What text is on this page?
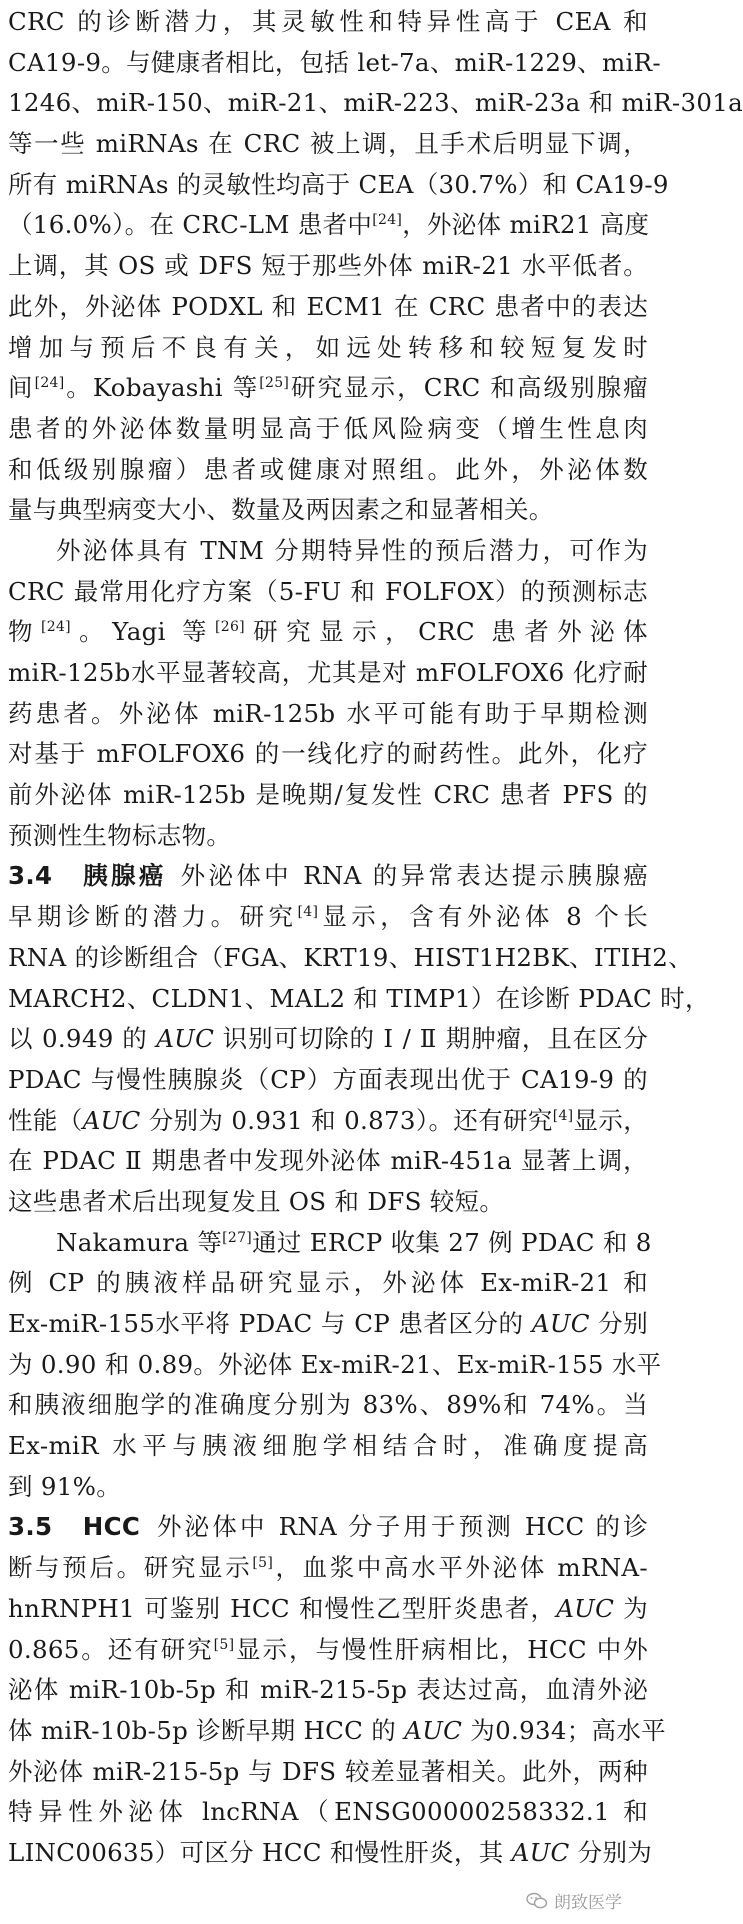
CRC 的诊断潜力，其灵敏性和特异性高于 CEA 和
CA19-9。与健康者相比，包括 let-7a、miR-1229、miR-
1246、miR-150、miR-21、miR-223、miR-23a 和 miR-301a
等一些 miRNAs 在 CRC 被上调，且手术后明显下调，
所有 miRNAs 的灵敏性均高于 CEA（30.7%）和 CA19-9
（16.0%）。在 CRC-LM 患者中[24]，外泌体 miR21 高度
上调，其 OS 或 DFS 短于那些外体 miR-21 水平低者。
此外，外泌体 PODXL 和 ECM1 在 CRC 患者中的表达
增加与预后不良有关，如远处转移和较短复发时
间[24]。Kobayashi 等[25]研究显示，CRC 和高级别腺瘤
患者的外泌体数量明显高于低风险病变（增生性息肉
和低级别腺瘤）患者或健康对照组。此外，外泌体数
量与典型病变大小、数量及两因素之和显著相关。
外泌体具有 TNM 分期特异性的预后潜力，可作为
CRC 最常用化疗方案（5-FU 和 FOLFOX）的预测标志
物[24]。Yagi 等[26]研究显示，CRC 患者外泌体
miR-125b水平显著较高，尤其是对 mFOLFOX6 化疗耐
药患者。外泌体 miR-125b 水平可能有助于早期检测
对基于 mFOLFOX6 的一线化疗的耐药性。此外，化疗
前外泌体 miR-125b 是晚期/复发性 CRC 患者 PFS 的
预测性生物标志物。
3.4　胰腺癌 外泌体中 RNA 的异常表达提示胰腺癌
早期诊断的潜力。研究[4]显示，含有外泌体 8 个长
RNA 的诊断组合（FGA、KRT19、HIST1H2BK、ITIH2、
MARCH2、CLDN1、MAL2 和 TIMP1）在诊断 PDAC 时，
以 0.949 的 AUC 识别可切除的 Ⅰ / Ⅱ 期肿瘤，且在区分
PDAC 与慢性胰腺炎（CP）方面表现出优于 CA19-9 的
性能（AUC 分别为 0.931 和 0.873）。还有研究[4]显示，
在 PDAC Ⅱ 期患者中发现外泌体 miR-451a 显著上调，
这些患者术后出现复发且 OS 和 DFS 较短。
Nakamura 等[27]通过 ERCP 收集 27 例 PDAC 和 8
例 CP 的胰液样品研究显示，外泌体 Ex-miR-21 和
Ex-miR-155水平将 PDAC 与 CP 患者区分的 AUC 分别
为 0.90 和 0.89。外泌体 Ex-miR-21、Ex-miR-155 水平
和胰液细胞学的准确度分别为 83%、89%和 74%。当
Ex-miR 水平与胰液细胞学相结合时，准确度提高
到 91%。
3.5　HCC 外泌体中 RNA 分子用于预测 HCC 的诊
断与预后。研究显示[5]，血浆中高水平外泌体 mRNA-
hnRNPH1 可鉴别 HCC 和慢性乙型肝炎患者，AUC 为
0.865。还有研究[5]显示，与慢性肝病相比，HCC 中外
泌体 miR-10b-5p 和 miR-215-5p 表达过高，血清外泌
体 miR-10b-5p 诊断早期 HCC 的 AUC 为0.934；高水平
外泌体 miR-215-5p 与 DFS 较差显著相关。此外，两种
特异性外泌体 lncRNA（ENSG00000258332.1 和
LINC00635）可区分 HCC 和慢性肝炎，其 AUC 分别为
朗致医学
